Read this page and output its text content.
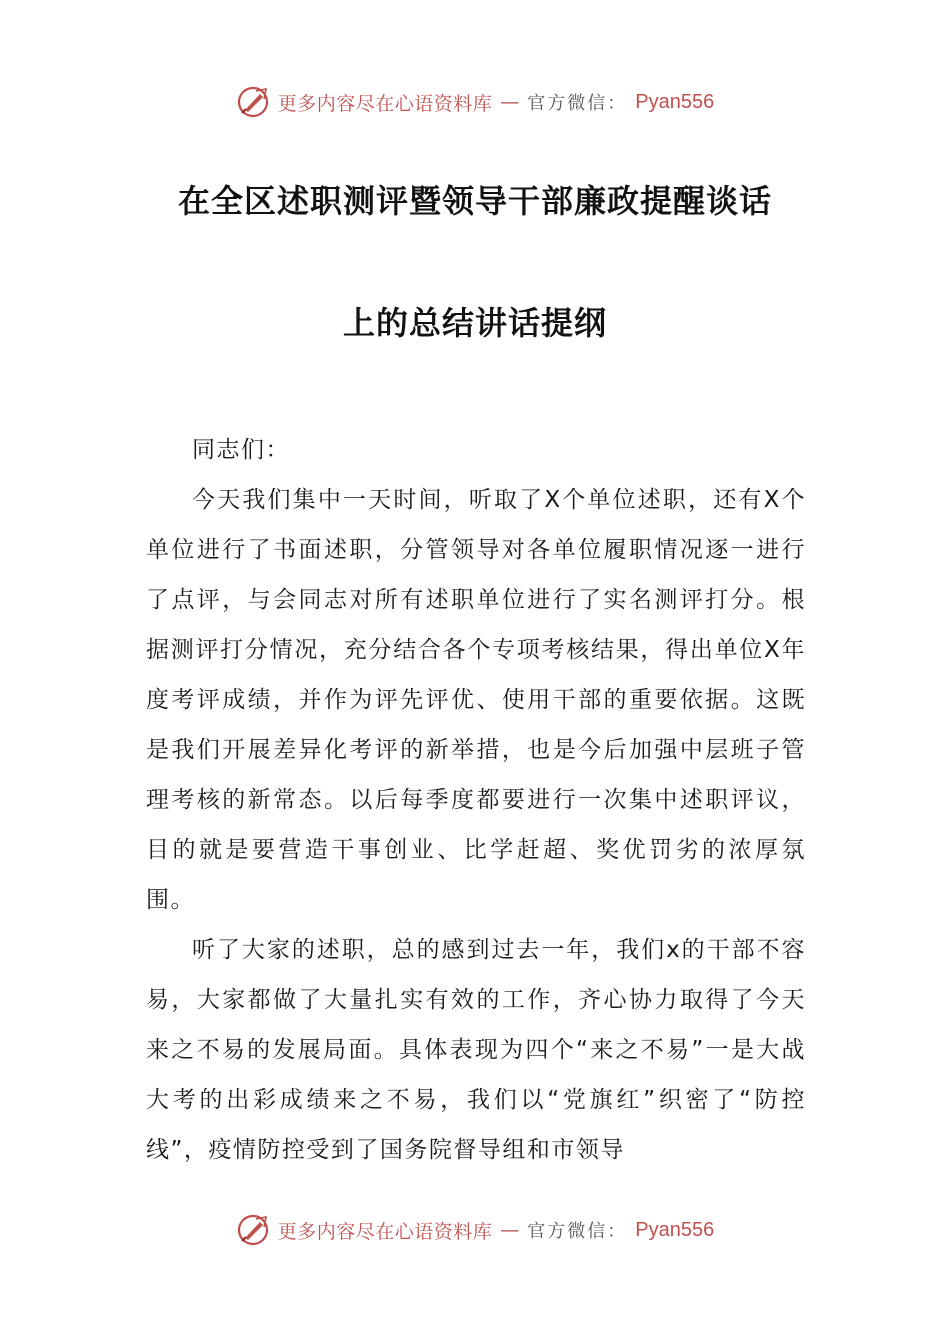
更多内容尽在心语资料库 — 官方微信： Pyan556
在全区述职测评暨领导干部廉政提醒谈话
上的总结讲话提纲

同志们：

今天我们集中一天时间，听取了X个单位述职，还有X个单位进行了书面述职，分管领导对各单位履职情况逐一进行了点评，与会同志对所有述职单位进行了实名测评打分。根据测评打分情况，充分结合各个专项考核结果，得出单位X年度考评成绩，并作为评先评优、使用干部的重要依据。这既是我们开展差异化考评的新举措，也是今后加强中层班子管理考核的新常态。以后每季度都要进行一次集中述职评议，目的就是要营造干事创业、比学赶超、奖优罚劣的浓厚氛围。

听了大家的述职，总的感到过去一年，我们x的干部不容易，大家都做了大量扎实有效的工作，齐心协力取得了今天来之不易的发展局面。具体表现为四个“来之不易”一是大战大考的出彩成绩来之不易，我们以“党旗红”织密了“防控线”，疫情防控受到了国务院督导组和市领导

更多内容尽在心语资料库 — 官方微信： Pyan556
